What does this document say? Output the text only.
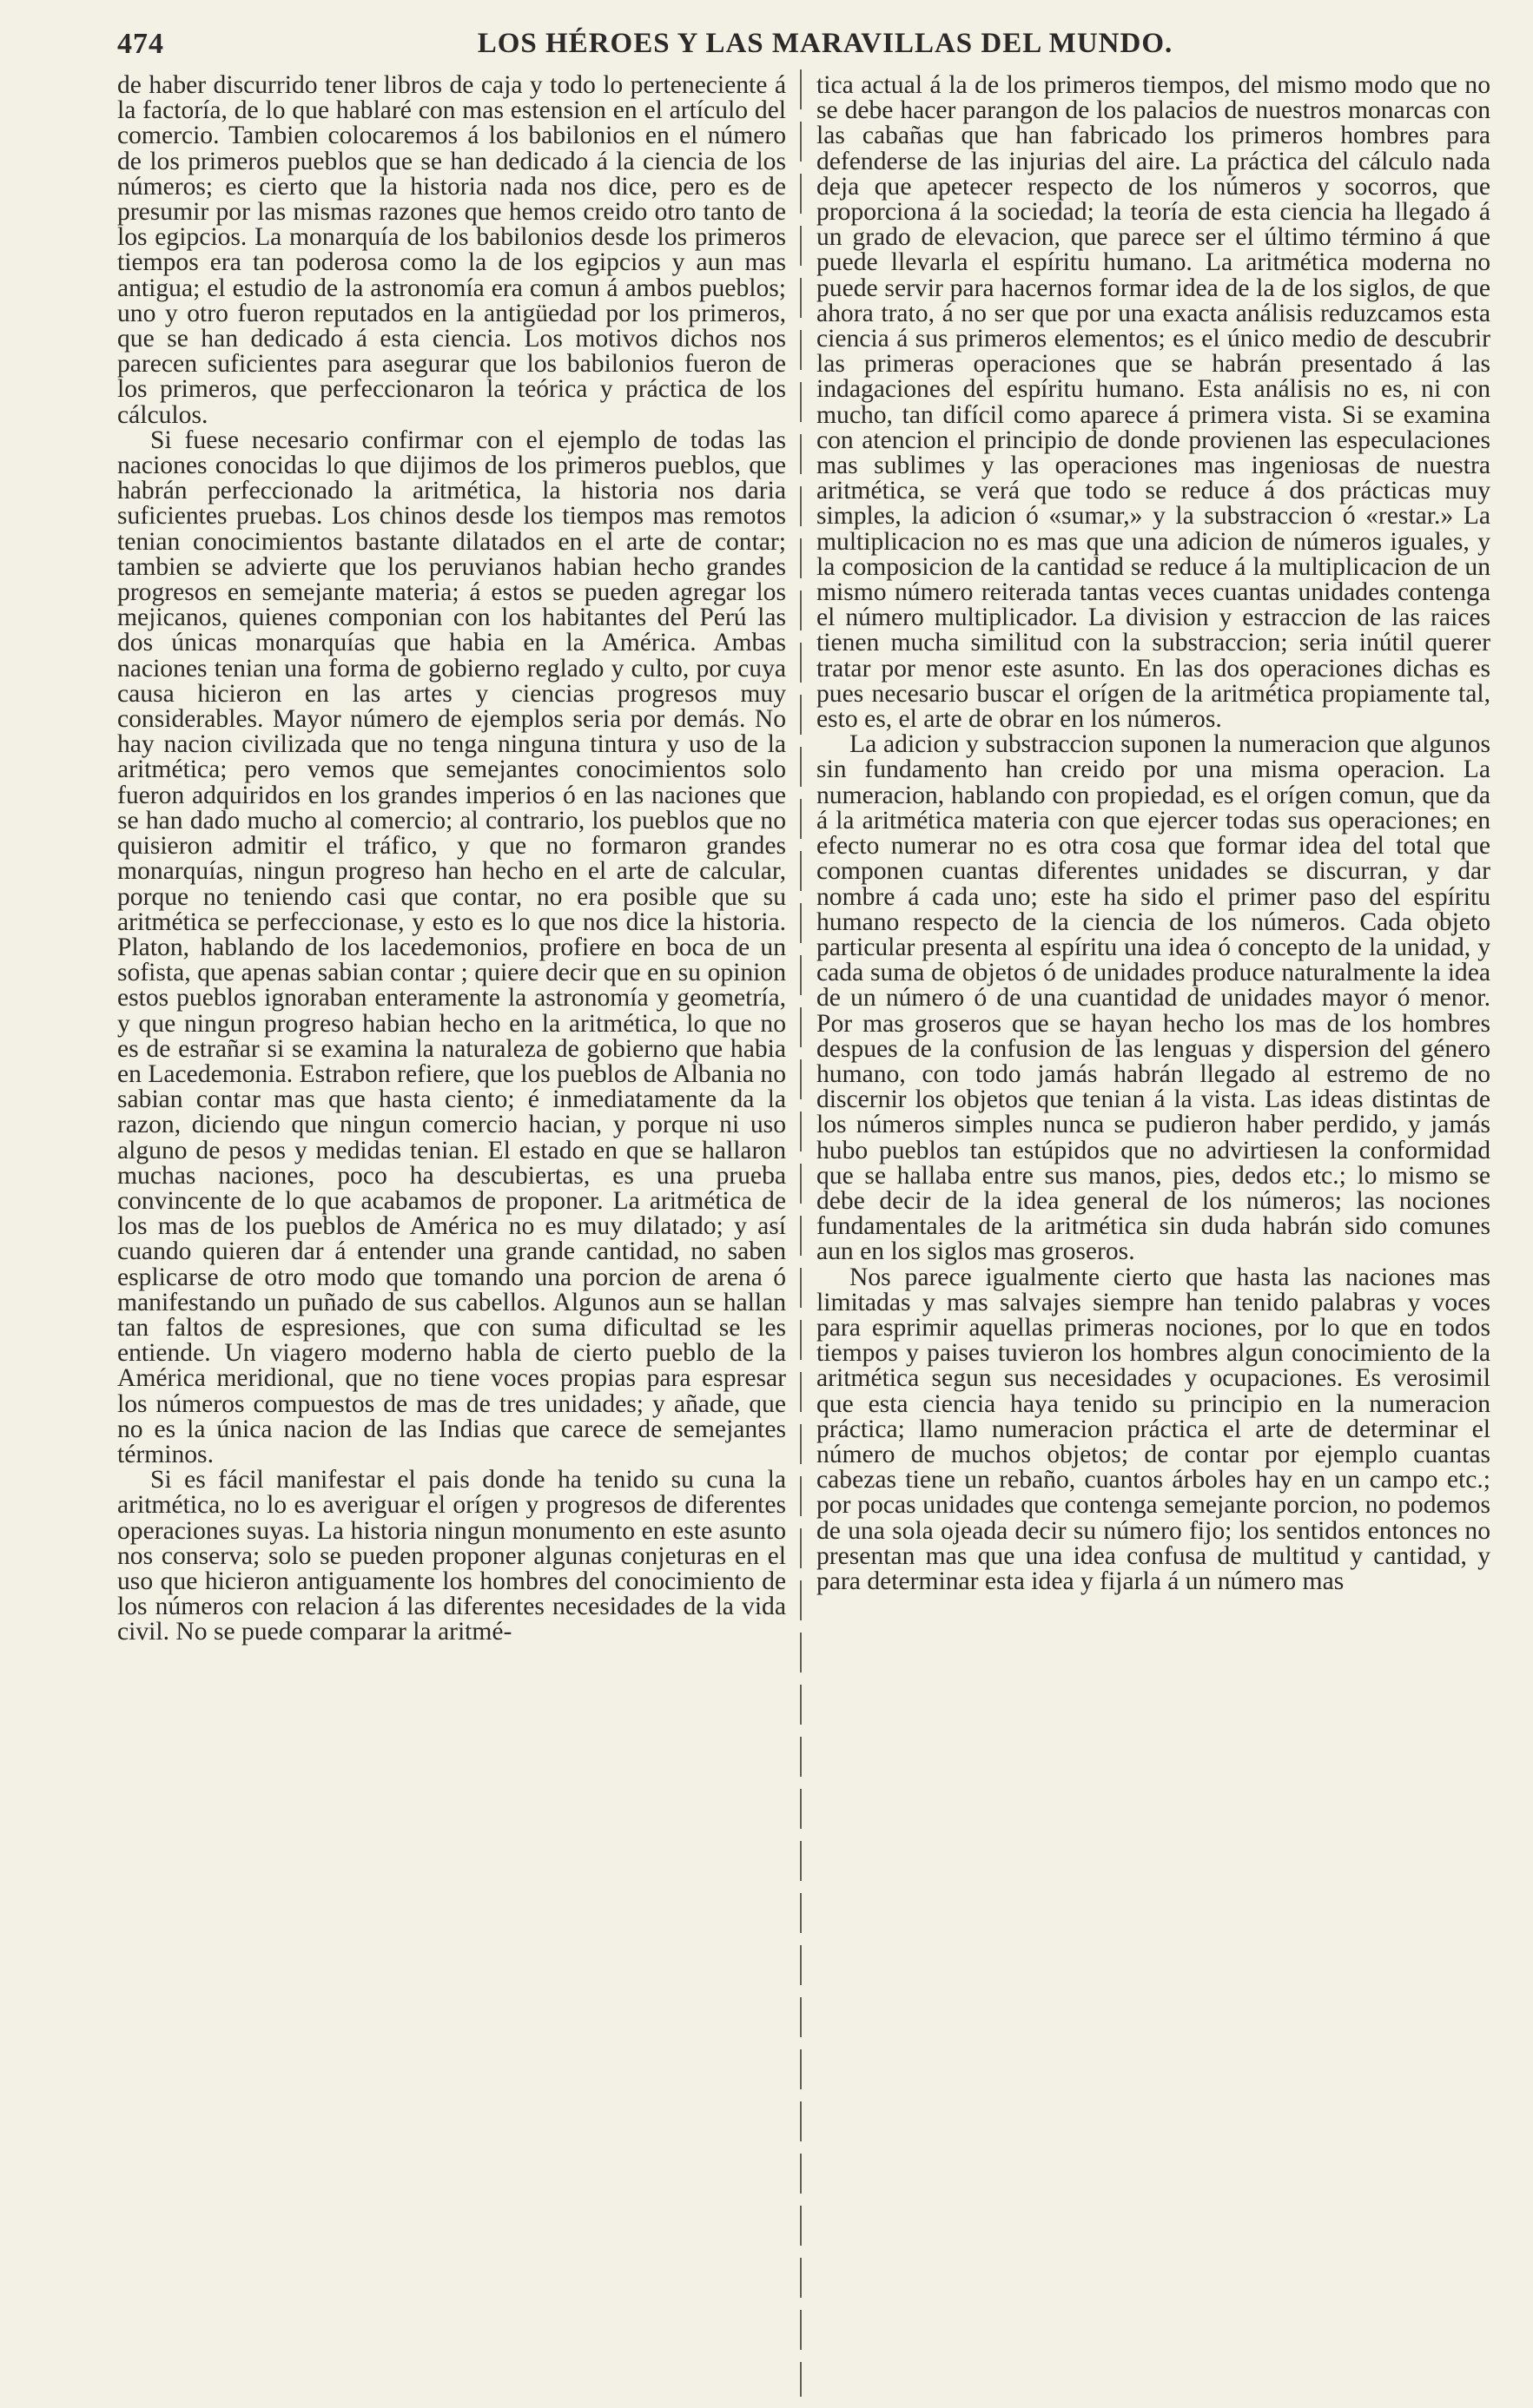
474	LOS HÉROES Y LAS MARAVILLAS DEL MUNDO.

de haber discurrido tener libros de caja y todo lo perteneciente á la factoría, de lo que hablaré con mas estension en el artículo del comercio. Tambien colocaremos á los babilonios en el número de los primeros pueblos que se han dedicado á la ciencia de los números; es cierto que la historia nada nos dice, pero es de presumir por las mismas razones que hemos creido otro tanto de los egipcios. La monarquía de los babilonios desde los primeros tiempos era tan poderosa como la de los egipcios y aun mas antigua; el estudio de la astronomía era comun á ambos pueblos; uno y otro fueron reputados en la antigüedad por los primeros, que se han dedicado á esta ciencia. Los motivos dichos nos parecen suficientes para asegurar que los babilonios fueron de los primeros, que perfeccionaron la teórica y práctica de los cálculos.

Si fuese necesario confirmar con el ejemplo de todas las naciones conocidas lo que dijimos de los primeros pueblos, que habrán perfeccionado la aritmética, la historia nos daria suficientes pruebas. Los chinos desde los tiempos mas remotos tenian conocimientos bastante dilatados en el arte de contar; tambien se advierte que los peruvianos habian hecho grandes progresos en semejante materia; á estos se pueden agregar los mejicanos, quienes componian con los habitantes del Perú las dos únicas monarquías que habia en la América. Ambas naciones tenian una forma de gobierno reglado y culto, por cuya causa hicieron en las artes y ciencias progresos muy considerables. Mayor número de ejemplos seria por demás. No hay nacion civilizada que no tenga ninguna tintura y uso de la aritmética; pero vemos que semejantes conocimientos solo fueron adquiridos en los grandes imperios ó en las naciones que se han dado mucho al comercio; al contrario, los pueblos que no quisieron admitir el tráfico, y que no formaron grandes monarquías, ningun progreso han hecho en el arte de calcular, porque no teniendo casi que contar, no era posible que su aritmética se perfeccionase, y esto es lo que nos dice la historia. Platon, hablando de los lacedemonios, profiere en boca de un sofista, que apenas sabian contar ; quiere decir que en su opinion estos pueblos ignoraban enteramente la astronomía y geometría, y que ningun progreso habian hecho en la aritmética, lo que no es de estrañar si se examina la naturaleza de gobierno que habia en Lacedemonia. Estrabon refiere, que los pueblos de Albania no sabian contar mas que hasta ciento; é inmediatamente da la razon, diciendo que ningun comercio hacian, y porque ni uso alguno de pesos y medidas tenian. El estado en que se hallaron muchas naciones, poco ha descubiertas, es una prueba convincente de lo que acabamos de proponer. La aritmética de los mas de los pueblos de América no es muy dilatado; y así cuando quieren dar á entender una grande cantidad, no saben esplicarse de otro modo que tomando una porcion de arena ó manifestando un puñado de sus cabellos. Algunos aun se hallan tan faltos de espresiones, que con suma dificultad se les entiende. Un viagero moderno habla de cierto pueblo de la América meridional, que no tiene voces propias para espresar los números compuestos de mas de tres unidades; y añade, que no es la única nacion de las Indias que carece de semejantes términos.

Si es fácil manifestar el pais donde ha tenido su cuna la aritmética, no lo es averiguar el orígen y progresos de diferentes operaciones suyas. La historia ningun monumento en este asunto nos conserva; solo se pueden proponer algunas conjeturas en el uso que hicieron antiguamente los hombres del conocimiento de los números con relacion á las diferentes necesidades de la vida civil. No se puede comparar la aritmé-

tica actual á la de los primeros tiempos, del mismo modo que no se debe hacer parangon de los palacios de nuestros monarcas con las cabañas que han fabricado los primeros hombres para defenderse de las injurias del aire. La práctica del cálculo nada deja que apetecer respecto de los números y socorros, que proporciona á la sociedad; la teoría de esta ciencia ha llegado á un grado de elevacion, que parece ser el último término á que puede llevarla el espíritu humano. La aritmética moderna no puede servir para hacernos formar idea de la de los siglos, de que ahora trato, á no ser que por una exacta análisis reduzcamos esta ciencia á sus primeros elementos; es el único medio de descubrir las primeras operaciones que se habrán presentado á las indagaciones del espíritu humano. Esta análisis no es, ni con mucho, tan difícil como aparece á primera vista. Si se examina con atencion el principio de donde provienen las especulaciones mas sublimes y las operaciones mas ingeniosas de nuestra aritmética, se verá que todo se reduce á dos prácticas muy simples, la adicion ó «sumar,» y la substraccion ó «restar.» La multiplicacion no es mas que una adicion de números iguales, y la composicion de la cantidad se reduce á la multiplicacion de un mismo número reiterada tantas veces cuantas unidades contenga el número multiplicador. La division y estraccion de las raices tienen mucha similitud con la substraccion; seria inútil querer tratar por menor este asunto. En las dos operaciones dichas es pues necesario buscar el orígen de la aritmética propiamente tal, esto es, el arte de obrar en los números.

La adicion y substraccion suponen la numeracion que algunos sin fundamento han creido por una misma operacion. La numeracion, hablando con propiedad, es el orígen comun, que da á la aritmética materia con que ejercer todas sus operaciones; en efecto numerar no es otra cosa que formar idea del total que componen cuantas diferentes unidades se discurran, y dar nombre á cada uno; este ha sido el primer paso del espíritu humano respecto de la ciencia de los números. Cada objeto particular presenta al espíritu una idea ó concepto de la unidad, y cada suma de objetos ó de unidades produce naturalmente la idea de un número ó de una cuantidad de unidades mayor ó menor. Por mas groseros que se hayan hecho los mas de los hombres despues de la confusion de las lenguas y dispersion del género humano, con todo jamás habrán llegado al estremo de no discernir los objetos que tenian á la vista. Las ideas distintas de los números simples nunca se pudieron haber perdido, y jamás hubo pueblos tan estúpidos que no advirtiesen la conformidad que se hallaba entre sus manos, pies, dedos etc.; lo mismo se debe decir de la idea general de los números; las nociones fundamentales de la aritmética sin duda habrán sido comunes aun en los siglos mas groseros.

Nos parece igualmente cierto que hasta las naciones mas limitadas y mas salvajes siempre han tenido palabras y voces para esprimir aquellas primeras nociones, por lo que en todos tiempos y paises tuvieron los hombres algun conocimiento de la aritmética segun sus necesidades y ocupaciones. Es verosimil que esta ciencia haya tenido su principio en la numeracion práctica; llamo numeracion práctica el arte de determinar el número de muchos objetos; de contar por ejemplo cuantas cabezas tiene un rebaño, cuantos árboles hay en un campo etc.; por pocas unidades que contenga semejante porcion, no podemos de una sola ojeada decir su número fijo; los sentidos entonces no presentan mas que una idea confusa de multitud y cantidad, y para determinar esta idea y fijarla á un número mas
